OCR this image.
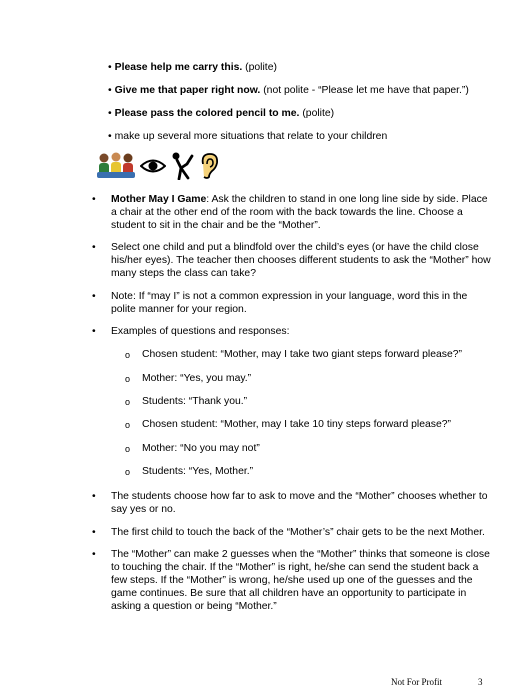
• Please help me carry this. (polite)
• Give me that paper right now. (not polite - “Please let me have that paper.”)
• Please pass the colored pencil to me. (polite)
• make up several more situations that relate to your children
• Mother May I Game: Ask the children to stand in one long line side by side. Place a chair at the other end of the room with the back towards the line. Choose a student to sit in the chair and be the “Mother”.
• Select one child and put a blindfold over the child’s eyes (or have the child close his/her eyes). The teacher then chooses different students to ask the “Mother” how many steps the class can take?
• Note: If “may I” is not a common expression in your language, word this in the polite manner for your region.
• Examples of questions and responses:
o Chosen student: “Mother, may I take two giant steps forward please?”
o Mother: “Yes, you may.”
o Students: “Thank you.”
o Chosen student: “Mother, may I take 10 tiny steps forward please?”
o Mother: “No you may not”
o Students: “Yes, Mother.”
• The students choose how far to ask to move and the “Mother” chooses whether to say yes or no.
• The first child to touch the back of the “Mother’s” chair gets to be the next Mother.
• The “Mother” can make 2 guesses when the “Mother” thinks that someone is close to touching the chair. If the “Mother” is right, he/she can send the student back a few steps. If the “Mother” is wrong, he/she used up one of the guesses and the game continues. Be sure that all children have an opportunity to participate in asking a question or being “Mother.”
Not For Profit	3
